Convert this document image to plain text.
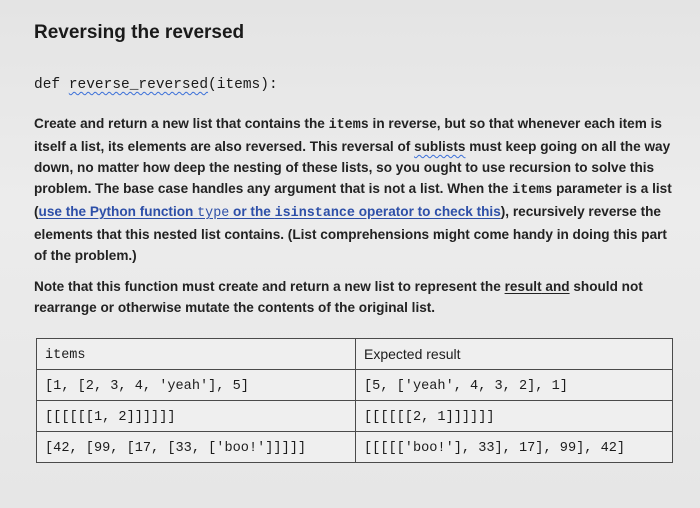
Reversing the reversed
def reverse_reversed(items):
Create and return a new list that contains the items in reverse, but so that whenever each item is itself a list, its elements are also reversed. This reversal of sublists must keep going on all the way down, no matter how deep the nesting of these lists, so you ought to use recursion to solve this problem. The base case handles any argument that is not a list. When the items parameter is a list (use the Python function type or the isinstance operator to check this), recursively reverse the elements that this nested list contains. (List comprehensions might come handy in doing this part of the problem.)
Note that this function must create and return a new list to represent the result and should not rearrange or otherwise mutate the contents of the original list.
items	Expected result
[1, [2, 3, 4, 'yeah'], 5]	[5, ['yeah', 4, 3, 2], 1]
[[[[[[1, 2]]]]]]	[[[[[[2, 1]]]]]]
[42, [99, [17, [33, ['boo!']]]]]	[[[[['boo!'], 33], 17], 99], 42]
